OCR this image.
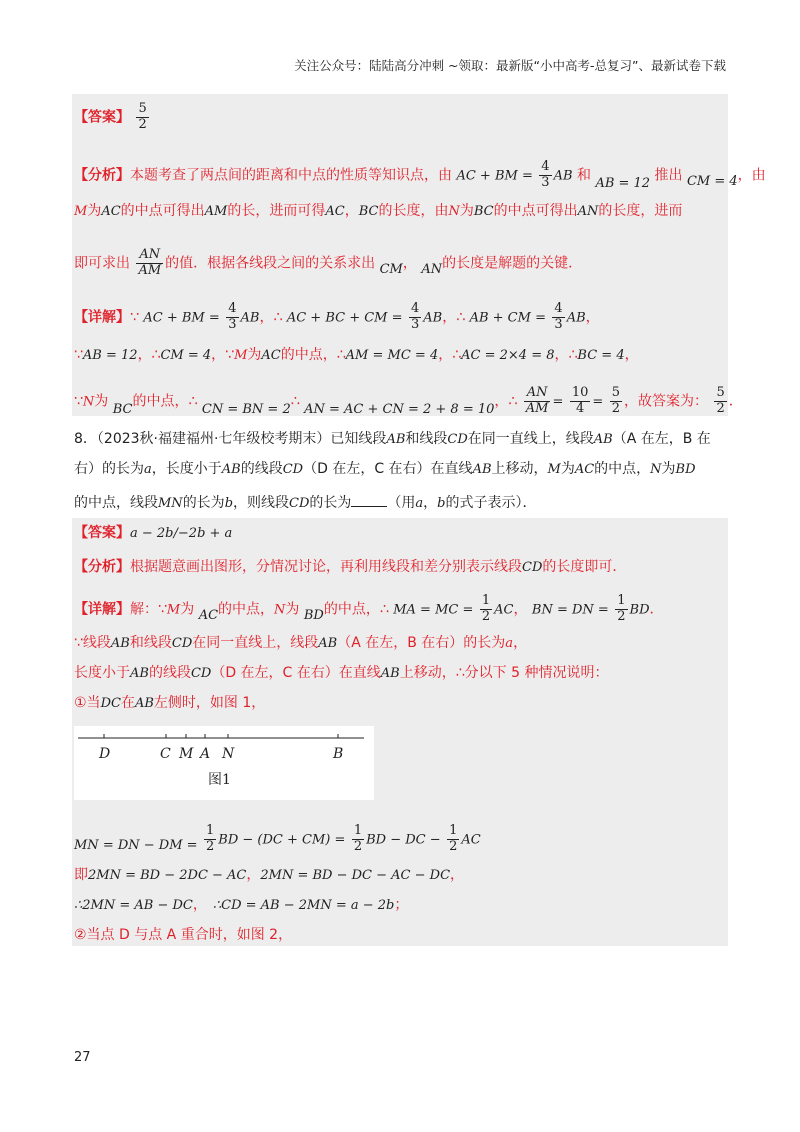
关注公众号：陆陆高分冲刺 ~领取：最新版“小中高考-总复习”、最新试卷下载
【答案】 $\frac{5}{2}$
【分析】本题考查了两点间的距离和中点的性质等知识点，由 AC + BM = $\frac{4}{3}$ AB 和 AB = 12 推出 CM = 4，由
M为AC的中点可得出AM的长，进而可得AC，BC的长度，由N为BC的中点可得出AN的长度，进而
即可求出 $\frac{AN}{AM}$ 的值．根据各线段之间的关系求出 CM， AN的长度是解题的关键．
【详解】∵ AC + BM = $\frac{4}{3}$ AB，∴ AC + BC + CM = $\frac{4}{3}$ AB，∴ AB + CM = $\frac{4}{3}$ AB，
∵AB = 12，∴CM = 4，∵M为AC的中点，∴AM = MC = 4，∴AC = 2×4 = 8，∴BC = 4，
∵N为 BC的中点，∴ CN = BN = 2∴ AN = AC + CN = 2 + 8 = 10，∴ $\frac{AN}{AM} = \frac{10}{4} = \frac{5}{2}$ ，故答案为： $\frac{5}{2}$ ．
8．（2023秋·福建福州·七年级校考期末）已知线段AB和线段CD在同一直线上，线段AB（A 在左，B 在
右）的长为a，长度小于AB的线段CD（D 在左，C 在右）在直线AB上移动，M为AC的中点，N为BD
的中点，线段MN的长为b，则线段CD的长为	（用a，b的式子表示）．
【答案】a − 2b/−2b + a
【分析】根据题意画出图形，分情况讨论，再利用线段和差分别表示线段CD的长度即可．
【详解】解：∵M为 AC的中点，N为 BD的中点，∴ MA = MC = $\frac{1}{2}$ AC， BN = DN = $\frac{1}{2}$ BD．
∵线段AB和线段CD在同一直线上，线段AB（A 在左，B 在右）的长为a，
长度小于AB的线段CD（D 在左，C 在右）在直线AB上移动，∴分以下 5 种情况说明：
①当DC在AB左侧时，如图 1，
D	C M A N	B
图1
MN = DN − DM = $\frac{1}{2}$ BD − $(DC + CM) = \frac{1}{2}$ BD − DC − $\frac{1}{2}$ AC
即2MN = BD − 2DC − AC，2MN = BD − DC − AC − DC，
∴2MN = AB − DC， ∴CD = AB − 2MN = a − 2b；
②当点 D 与点 A 重合时，如图 2，
27
